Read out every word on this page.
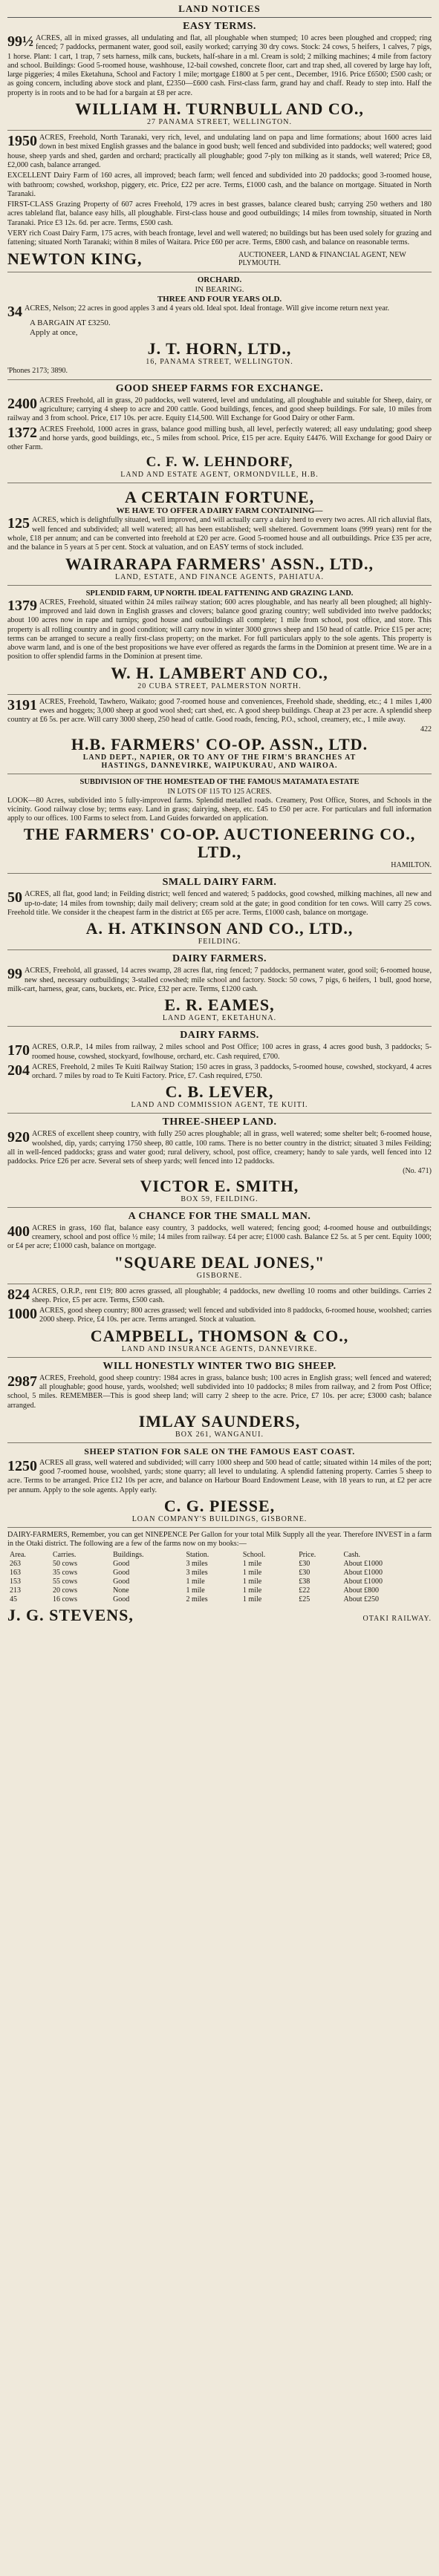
LAND NOTICES
EASY TERMS.

99½ ACRES, all in mixed grasses, all undulating and flat, all ploughable when stumped; 10 acres been ploughed and cropped; ring fenced; 7 paddocks, permanent water, good soil, easily worked; carrying 30 dry cows. Stock: 24 cows, 5 heifers, 1 calves, 7 pigs, 1 horse. Plant: 1 cart, 1 trap, 7 sets harness, milk cans, buckets, half-share in a ml. Cream is sold; 2 milking machines; 4 mile from factory and school. Buildings: Good 5-roomed house, washhouse, 12-bail cowshed, concrete floor, cart and trap shed, all covered by large hay loft, large piggeries; 4 miles Eketahuna, School and Factory 1 mile; mortgage £1800 at 5 per cent., December, 1916. Price £6500; £500 cash; or as going concern, including above stock and plant, £2350—£600 cash. First-class farm, grand hay and chaff. Ready to step into. Half the property is in roots and to be had for a bargain at £8 per acre.

WILLIAM H. TURNBULL AND CO.,
27 PANAMA STREET, WELLINGTON.

1950 ACRES, Freehold, North Taranaki, very rich, level, and undulating land on papa and lime formations; about 1600 acres laid down in best mixed English grasses and the balance in good bush; well fenced and subdivided into paddocks; well watered; good house, sheep yards and shed, garden and orchard; practically all ploughable; good 7-ply ton milking as it stands, well watered; Price £8, £2,000 cash, balance arranged.

EXCELLENT Dairy Farm of 160 acres, all improved; beach farm; well fenced and subdivided into 20 paddocks; good 3-roomed house, with bathroom; cowshed, workshop, piggery, etc. Price, £22 per acre. Terms, £1000 cash, and the balance on mortgage. Situated in North Taranaki.

FIRST-CLASS Grazing Property of 607 acres Freehold, 179 acres in best grasses, balance cleared bush; carrying 250 wethers and 180 acres tableland flat, balance easy hills, all ploughable. First-class house and good outbuildings; 14 miles from township, situated in North Taranaki. Price £3 12s. 6d. per acre. Terms, £500 cash.

VERY rich Coast Dairy Farm, 175 acres, with beach frontage, level and well watered; no buildings but has been used solely for grazing and fattening; situated North Taranaki; within 8 miles of Waitara. Price £60 per acre. Terms, £800 cash, and balance on reasonable terms.

NEWTON KING,	AUCTIONEER, LAND & FINANCIAL AGENT, NEW PLYMOUTH.
ORCHARD.
IN BEARING.
THREE AND FOUR YEARS OLD.

34 ACRES, Nelson; 22 acres in good apples 3 and 4 years old. Ideal spot. Ideal frontage. Will give income return next year.

A BARGAIN AT £3250.
Apply at once,
J. T. HORN, LTD.,
16, PANAMA STREET, WELLINGTON.
'Phones 2173; 3890.
GOOD SHEEP FARMS FOR EXCHANGE.

2400 ACRES Freehold, all in grass, 20 paddocks, well watered, level and undulating, all ploughable and suitable for Sheep, dairy, or agriculture; carrying 4 sheep to acre and 200 cattle. Good buildings, fences, and good sheep buildings. For sale, 10 miles from railway and 3 from school. Price, £17 10s. per acre. Equity £14,500. Will Exchange for Good Dairy or other Farm.

1372 ACRES Freehold, 1000 acres in grass, balance good milling bush, all level, perfectly watered; all easy undulating; good sheep and horse yards, good buildings, etc., 5 miles from school. Price, £15 per acre. Equity £4476. Will Exchange for good Dairy or other Farm.

C. F. W. LEHNDORF,
LAND AND ESTATE AGENT, ORMONDVILLE, H.B.
A CERTAIN FORTUNE,
WE HAVE TO OFFER A DAIRY FARM CONTAINING—

125 ACRES, which is delightfully situated, well improved, and will actually carry a dairy herd to every two acres. All rich alluvial flats, well fenced and subdivided; all well watered; all has been established; well sheltered. Government loans (999 years) rent for the whole, £18 per annum; and can be converted into freehold at £20 per acre. Good 5-roomed house and all outbuildings. Price £35 per acre, and the balance in 5 years at 5 per cent. Stock at valuation, and on EASY terms of stock included.

WAIRARAPA FARMERS' ASSN., LTD.,
LAND, ESTATE, AND FINANCE AGENTS, PAHIATUA.
SPLENDID FARM, UP NORTH. IDEAL FATTENING AND GRAZING LAND.

1379 ACRES, Freehold, situated within 24 miles railway station; 600 acres ploughable, and has nearly all been ploughed; all highly-improved and laid down in English grasses and clovers; balance good grazing country; well subdivided into twelve paddocks; about 100 acres now in rape and turnips; good house and outbuildings all complete; 1 mile from school, post office, and store. This property is all rolling country and in good condition; will carry now in winter 3000 grows sheep and 150 head of cattle. Price £15 per acre; terms can be arranged to secure a really first-class property; on the market. For full particulars apply to the sole agents. This property is above warm land, and is one of the best propositions we have ever offered as regards the farms in the Dominion at present time. We are in a position to offer splendid farms in the Dominion at present time.

W. H. LAMBERT AND CO.,
20 CUBA STREET, PALMERSTON NORTH.

3191 ACRES, Freehold, Tawhero, Waikato; good 7-roomed house and conveniences, Freehold shade, shedding, etc.; 4 1 miles 1,400 ewes and hoggets; 3,000 sheep at good wool shed; cart shed, etc. A good sheep buildings. Cheap at 23 per acre. A splendid sheep country at £6 5s. per acre. Will carry 3000 sheep, 250 head of cattle. Good roads, fencing, P.O., school, creamery, etc., 1 mile away.

422
H.B. FARMERS' CO-OP. ASSN., LTD.
LAND DEPT., NAPIER, OR TO ANY OF THE FIRM'S BRANCHES AT
HASTINGS, DANNEVIRKE, WAIPUKURAU, AND WAIROA.
SUBDIVISION OF THE HOMESTEAD OF THE FAMOUS MATAMATA ESTATE
IN LOTS OF 115 TO 125 ACRES.

LOOK—80 Acres, subdivided into 5 fully-improved farms. Splendid metalled roads. Creamery, Post Office, Stores, and Schools in the vicinity. Good railway close by; terms easy. Land in grass; dairying, sheep, etc. £45 to £50 per acre. For particulars and full information apply to our offices. 100 Farms to select from. Land Guides forwarded on application.

THE FARMERS' CO-OP. AUCTIONEERING CO., LTD.,
HAMILTON.
SMALL DAIRY FARM.

50 ACRES, all flat, good land; in Feilding district; well fenced and watered; 5 paddocks, good cowshed, milking machines, all new and up-to-date; 14 miles from township; daily mail delivery; cream sold at the gate; in good condition for ten cows. Will carry 25 cows. Freehold title. We consider it the cheapest farm in the district at £65 per acre. Terms, £1000 cash, balance on mortgage.

A. H. ATKINSON AND CO., LTD.,
FEILDING.
DAIRY FARMERS.

99 ACRES, Freehold, all grassed, 14 acres swamp, 28 acres flat, ring fenced; 7 paddocks, permanent water, good soil; 6-roomed house, new shed, necessary outbuildings; 3-stalled cowshed; mile school and factory. Stock: 50 cows, 7 pigs, 6 heifers, 1 bull, good horse, milk-cart, harness, gear, cans, buckets, etc. Price, £32 per acre. Terms, £1200 cash.

E. R. EAMES,
LAND AGENT, EKETAHUNA.
DAIRY FARMS.

170 ACRES, O.R.P., 14 miles from railway, 2 miles school and Post Office; 100 acres in grass, 4 acres good bush, 3 paddocks; 5-roomed house, cowshed, stockyard, fowlhouse, orchard, etc. Cash required, £700.

204 ACRES, Freehold, 2 miles Te Kuiti Railway Station; 150 acres in grass, 3 paddocks, 5-roomed house, cowshed, stockyard, 4 acres orchard. 7 miles by road to Te Kuiti Factory. Price, £7. Cash required, £750.

C. B. LEVER,
LAND AND COMMISSION AGENT, TE KUITI.
THREE-SHEEP LAND.

920 ACRES of excellent sheep country, with fully 250 acres ploughable; all in grass, well watered; some shelter belt; 6-roomed house, woolshed, dip, yards; carrying 1750 sheep, 80 cattle, 100 rams. There is no better country in the district; situated 3 miles Feilding; all in well-fenced paddocks; grass and water good; rural delivery, school, post office, creamery; handy to sale yards, well fenced into 12 paddocks. Price £26 per acre. Several sets of sheep yards; well fenced into 12 paddocks.

(No. 471)
VICTOR E. SMITH,
BOX 59, FEILDING.
A CHANCE FOR THE SMALL MAN.

400 ACRES in grass, 160 flat, balance easy country, 3 paddocks, well watered; fencing good; 4-roomed house and outbuildings; creamery, school and post office ½ mile; 14 miles from railway. £4 per acre; £1000 cash. Balance £2 5s. at 5 per cent. Equity 1000; or £4 per acre; £1000 cash, balance on mortgage.

"SQUARE DEAL JONES,"
GISBORNE.

824 ACRES, O.R.P., rent £19; 800 acres grassed, all ploughable; 4 paddocks, new dwelling 10 rooms and other buildings. Carries 2 sheep. Price, £5 per acre. Terms, £500 cash.

1000 ACRES, good sheep country; 800 acres grassed; well fenced and subdivided into 8 paddocks, 6-roomed house, woolshed; carries 2000 sheep. Price, £4 10s. per acre. Terms arranged. Stock at valuation.

CAMPBELL, THOMSON & CO.,
LAND AND INSURANCE AGENTS, DANNEVIRKE.
WILL HONESTLY WINTER TWO BIG SHEEP.

2987 ACRES, Freehold, good sheep country: 1984 acres in grass, balance bush; 100 acres in English grass; well fenced and watered; all ploughable; good house, yards, woolshed; well subdivided into 10 paddocks; 8 miles from railway, and 2 from Post Office; school, 5 miles. REMEMBER—This is good sheep land; will carry 2 sheep to the acre. Price, £7 10s. per acre; £3000 cash; balance arranged.

IMLAY SAUNDERS,
BOX 261, WANGANUI.
SHEEP STATION FOR SALE ON THE FAMOUS EAST COAST.

1250 ACRES all grass, well watered and subdivided; will carry 1000 sheep and 500 head of cattle; situated within 14 miles of the port; good 7-roomed house, woolshed, yards; stone quarry; all level to undulating. A splendid fattening property. Carries 5 sheep to acre. Terms to be arranged. Price £12 10s per acre, and balance on Harbour Board Endowment Lease, with 18 years to run, at £2 per acre per annum. Apply to the sole agents. Apply early.

C. G. PIESSE,
LOAN COMPANY'S BUILDINGS, GISBORNE.

DAIRY-FARMERS, Remember, you can get NINEPENCE Per Gallon for your total Milk Supply all the year. Therefore INVEST in a farm in the Otaki district. The following are a few of the farms now on my books:—

Area.	Carries.	Buildings.	Station.	School.	Price.	Cash.
263	50 cows	Good	3 miles	1 mile	£30	About £1000
163	35 cows	Good	3 miles	1 mile	£30	About £1000
153	55 cows	Good	1 mile	1 mile	£38	About £1000
213	20 cows	None	1 mile	1 mile	£22	About £800
45	16 cows	Good	2 miles	1 mile	£25	About £250
J. G. STEVENS,	OTAKI RAILWAY.
